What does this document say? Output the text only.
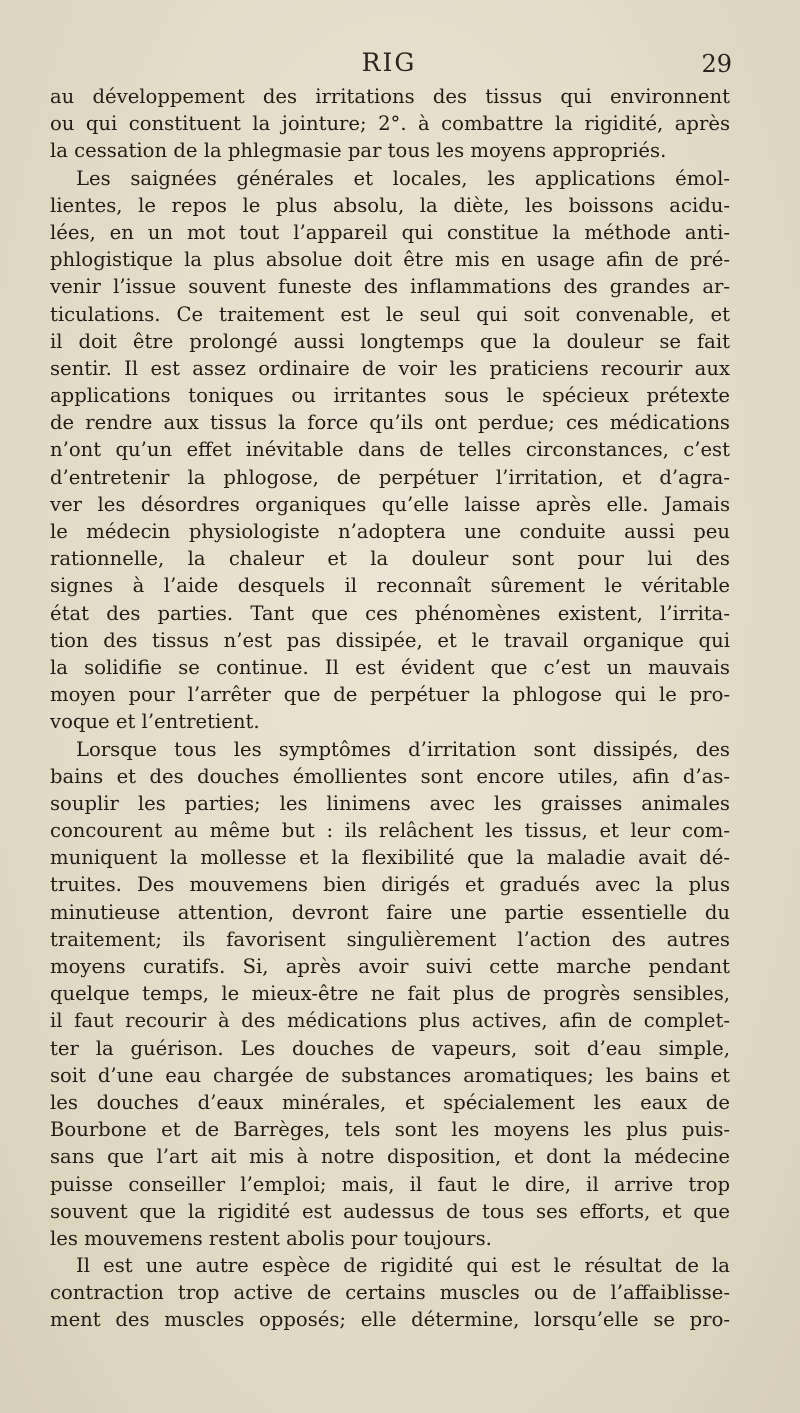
RIG	29
au développement des irritations des tissus qui environnent
ou qui constituent la jointure; 2°. à combattre la rigidité, après
la cessation de la phlegmasie par tous les moyens appropriés.
Les saignées générales et locales, les applications émol-
lientes, le repos le plus absolu, la diète, les boissons acidu-
lées, en un mot tout l’appareil qui constitue la méthode anti-
phlogistique la plus absolue doit être mis en usage afin de pré-
venir l’issue souvent funeste des inflammations des grandes ar-
ticulations. Ce traitement est le seul qui soit convenable, et
il doit être prolongé aussi longtemps que la douleur se fait
sentir. Il est assez ordinaire de voir les praticiens recourir aux
applications toniques ou irritantes sous le spécieux prétexte
de rendre aux tissus la force qu’ils ont perdue; ces médications
n’ont qu’un effet inévitable dans de telles circonstances, c’est
d’entretenir la phlogose, de perpétuer l’irritation, et d’agra-
ver les désordres organiques qu’elle laisse après elle. Jamais
le médecin physiologiste n’adoptera une conduite aussi peu
rationnelle, la chaleur et la douleur sont pour lui des
signes à l’aide desquels il reconnaît sûrement le véritable
état des parties. Tant que ces phénomènes existent, l’irrita-
tion des tissus n’est pas dissipée, et le travail organique qui
la solidifie se continue. Il est évident que c’est un mauvais
moyen pour l’arrêter que de perpétuer la phlogose qui le pro-
voque et l’entretient.
Lorsque tous les symptômes d’irritation sont dissipés, des
bains et des douches émollientes sont encore utiles, afin d’as-
souplir les parties; les linimens avec les graisses animales
concourent au même but : ils relâchent les tissus, et leur com-
muniquent la mollesse et la flexibilité que la maladie avait dé-
truites. Des mouvemens bien dirigés et gradués avec la plus
minutieuse attention, devront faire une partie essentielle du
traitement; ils favorisent singulièrement l’action des autres
moyens curatifs. Si, après avoir suivi cette marche pendant
quelque temps, le mieux-être ne fait plus de progrès sensibles,
il faut recourir à des médications plus actives, afin de complet-
ter la guérison. Les douches de vapeurs, soit d’eau simple,
soit d’une eau chargée de substances aromatiques; les bains et
les douches d’eaux minérales, et spécialement les eaux de
Bourbone et de Barrèges, tels sont les moyens les plus puis-
sans que l’art ait mis à notre disposition, et dont la médecine
puisse conseiller l’emploi; mais, il faut le dire, il arrive trop
souvent que la rigidité est audessus de tous ses efforts, et que
les mouvemens restent abolis pour toujours.
Il est une autre espèce de rigidité qui est le résultat de la
contraction trop active de certains muscles ou de l’affaiblisse-
ment des muscles opposés; elle détermine, lorsqu’elle se pro-
